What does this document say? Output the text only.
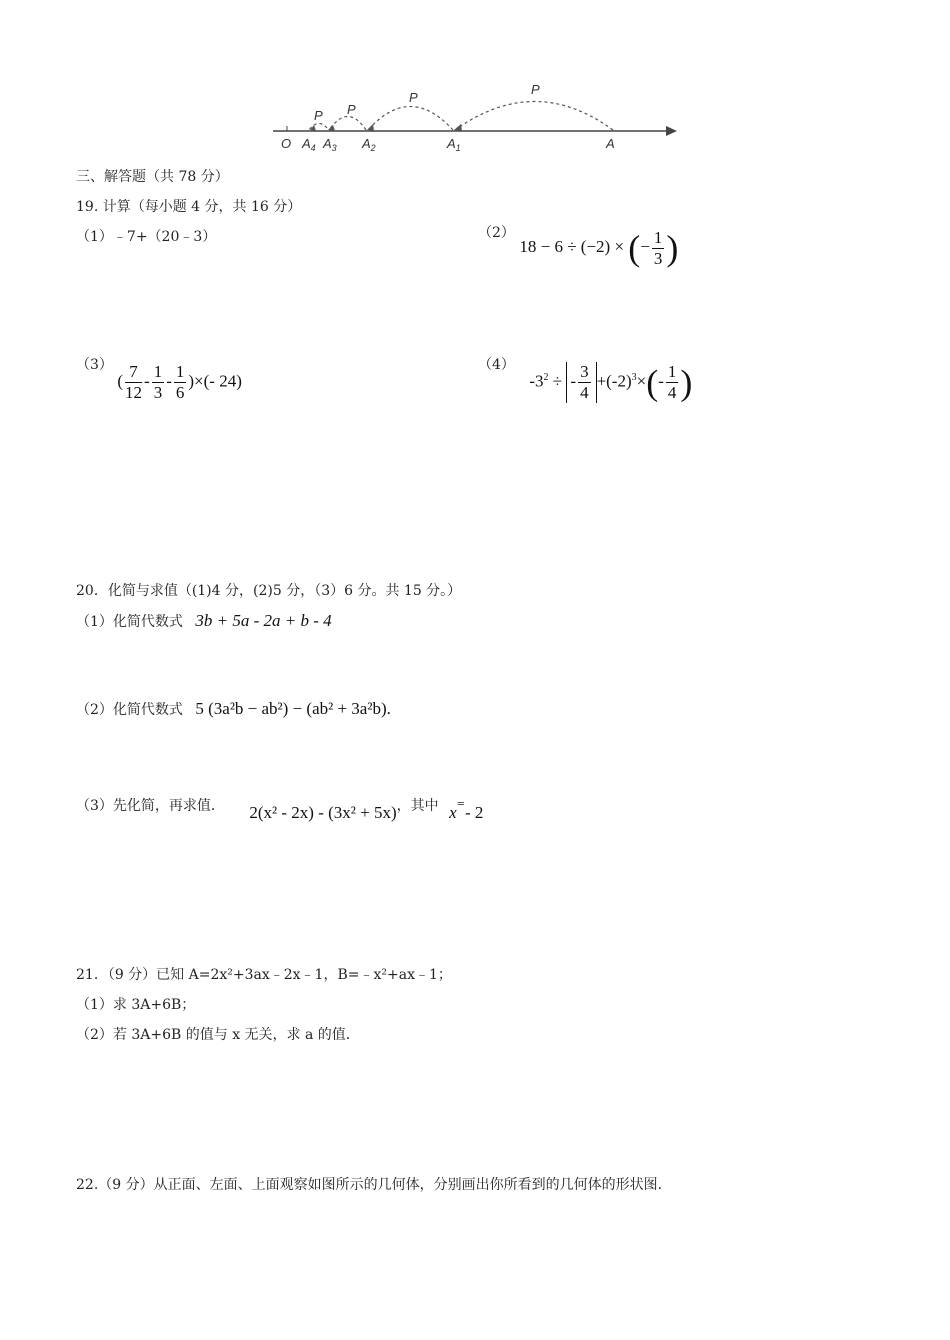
P
P
P
P
O $A_4$ $A_3$ $A_2$	$A_1$	A
三、解答题（共 78 分）
19. 计算（每小题 4 分，共 16 分）
（1）﹣7+（20﹣3）	（2） 18 − 6 ÷ (−2) × (− $\frac{1}{3}$ )
（3） ( $\frac{7}{12} - \frac{1}{3} - \frac{1}{6}$ )×(- 24)
（4） $-3^2$ ÷ - $\frac{3}{4} +(-2)^3\times(- \frac{1}{4}$ )
20．化简与求值（(1)4 分，(2)5 分，（3）6 分。共 15 分。）
（1）化简代数式 3b + 5a - 2a + b - 4
（2）化简代数式 5 (3a²b − ab²) − (ab² + 3a²b).
（3）先化简，再求值． 2(x² - 2x) - (3x² + 5x)，其中 x=- 2
21．（9 分）已知 A=2x²+3ax﹣2x﹣1，B=﹣x²+ax﹣1；
（1）求 3A+6B；
（2）若 3A+6B 的值与 x 无关，求 a 的值．
22.（9 分）从正面、左面、上面观察如图所示的几何体，分别画出你所看到的几何体的形状图．
